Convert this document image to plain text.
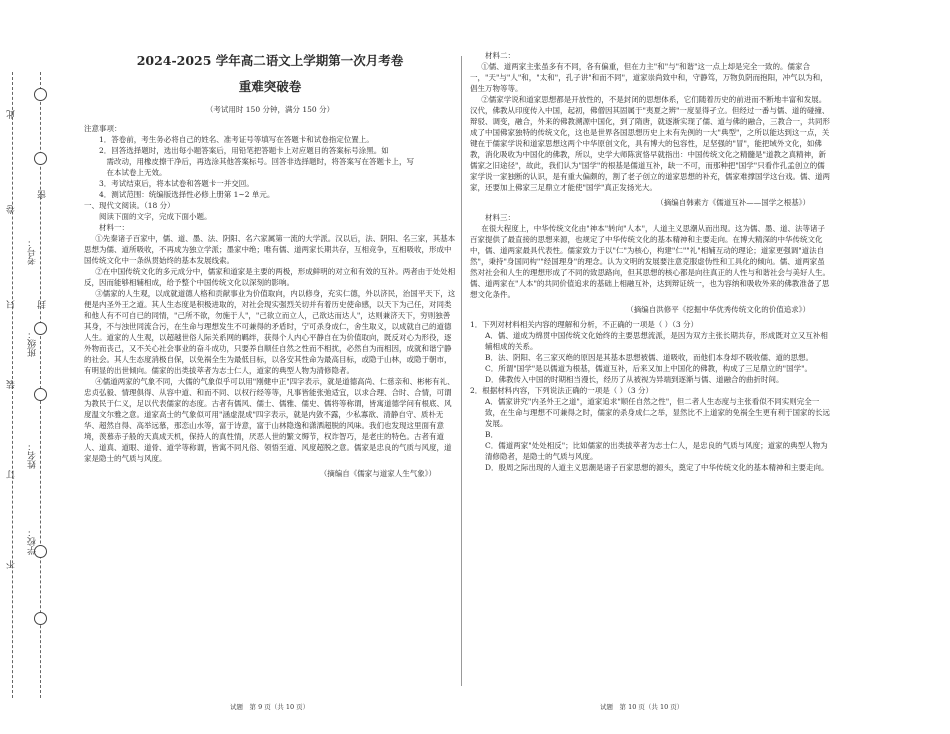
此
卷
只
装
订
不
密
封
考号：
班级：
姓名：
学校：
2024-2025 学年高二语文上学期第一次月考卷
重难突破卷
（考试用时 150 分钟，满分 150 分）

注意事项：

1．答卷前，考生务必将自己的姓名、准考证号等填写在答题卡和试卷指定位置上。

2．回答选择题时，选出每小题答案后，用铅笔把答题卡上对应题目的答案标号涂黑。如

需改动，用橡皮擦干净后，再选涂其他答案标号。回答非选择题时，将答案写在答题卡上，写

在本试卷上无效。

3．考试结束后，将本试卷和答题卡一并交回。

4．测试范围：统编版选择性必修上册第 1~2 单元。

一、现代文阅读。（18 分）

阅读下面的文字，完成下面小题。

材料一：

①先秦诸子百家中，儒、道、墨、法、阴阳、名六家属第一流的大学派。汉以后，法、阴阳、名三家，其基本思想为儒、道所吸收，不再成为独立学派；墨家中绝；唯有儒、道两家长期共存，互相竞争，互相吸收，形成中国传统文化中一条纵贯始终的基本发展线索。

②在中国传统文化的多元成分中，儒家和道家是主要的两极，形成鲜明的对立和有效的互补。两者由于处处相反，因而能够相辅相成，给予整个中国传统文化以深刻的影响。

③儒家的人生观，以成就道德人格和贡献事业为价值取向，内以修身，充实仁德，外以济民，治国平天下，这便是内圣外王之道。其人生态度是积极进取的，对社会现实强烈关切并有着历史使命感，以天下为己任，对同类和他人有不可自已的同情，"己所不欲，勿施于人"，"己欲立而立人，己欲达而达人"，达则兼济天下，穷则独善其身，不与浊世同流合污，在生命与理想发生不可兼得的矛盾时，宁可杀身成仁，舍生取义，以成就自己的道德人生。道家的人生观，以超越世俗人际关系网的羁绊，获得个人内心平静自在为价值取向，既反对心为形役，逐外物而丧己，又不关心社会事业的奋斗成功，只要养自顺任自然之性而不相扰，必然自为而相因，成就和谐宁静的社会。其人生态度消极自保，以免祸全生为最低目标，以各安其性命为最高目标，或隐于山林，或隐于朝市，有明显的出世倾向。儒家的出类拔萃者为志士仁人，道家的典型人物为清修隐者。

④儒道两家的气象不同，大儒的气象似乎可以用"刚健中正"四字表示，就是道德高尚、仁慈亲和、彬彬有礼、忠贞弘毅、情理俱得、从容中道、和而不同、以权行经等等，凡事皆能张弛适宜，以求合理、合时、合情，可谓为教民于仁义，足以代表儒家的态度。古者有儒风、儒士、儒雅、儒史、儒将等称谓，皆寓道德学问有根底、风度温文尔雅之意。道家高士的气象似可用"涵虚混成"四字表示，就是内敛不露，少私寡欲、清静自守、质朴无华、超然自得、高举远慕，那恋山水等，富于诗意，富于山林隐逸和潇洒超脱的风味。我们也发现这里面有意境，羡慕赤子般的天真成天机，保持人的真性情，厌恶人世的繁文缛节，权诈智巧，是老庄的特色。古者有道人、道真、道眼、道骨、道学等称谓，皆寓不同凡俗、领悟至道、风度超脱之意。儒家是忠良的气质与风度，道家是隐士的气质与风度。

（摘编自《儒家与道家人生气象》）

材料二：

①儒、道两家主张虽多有不同，各有偏重，但在力主"和"与"和谐"这一点上却是完全一致的。儒家合一，"天"与"人"和，"太和"，孔子讲"和而不同"，道家崇尚致中和，守静笃，万物负阴而抱阳，冲气以为和，倡生万物等等。

②儒家学说和道家思想都是开放性的，不是封闭的思想体系，它们随着历史的前进而不断地丰富和发展。汉代，佛教从印度传入中国，起初，佛僧因其固属于"夷夏之辨"一度显得孑立。但经过一番与儒、道的碰撞、辩驳、调变，融合，外来的佛教溯源中国化，到了隋唐，就逐渐实现了儒、道与佛的融合，三教合一，共同形成了中国佛家独特的传统文化，这也是世界各国思想历史上未有先例的一大"典型"，之所以能达到这一点，关键在于儒家学说和道家思想这两个中华原创文化，具有博大的包容性，足坚强的"冒"，能把域外文化，如佛教，消化吸收为中国化的佛教，所以，史学大师陈寅恪早就指出：中国传统文化之精髓是"道教之真精神，新儒家之旧途径"，故此，我们认为"国学"的根基是儒道互补，缺一不可，而那种把"国学"只看作孔孟创立的儒家学说一家独断的认识，是有重大偏颇的，割了老子创立的道家思想的补充，儒家难撑国学这台戏。儒、道两家，还要加上佛家三足鼎立才能使"国学"真正发扬光大。

（摘编自韩素方《儒道互补——国学之根基》）

材料三：

在很大程度上，中华传统文化由"神本"转向"人本"，人道主义思潮从而出现。这为儒、墨、道、法等诸子百家提供了最直接的思想来源，也规定了中华传统文化的基本精神和主要走向。在博大精深的中华传统文化中，儒、道两家最具代表性。儒家致力于以"仁"为核心，构建"仁""礼"相辅互动的理论；道家更强调"道法自然"，秉持"身国同构""经国理身"的理念。认为文明的发展要注意克服虚伪性和工具化的倾向。儒、道两家虽然对社会和人生的理想形成了不同的致思路向，但其思想的核心都是向往真正的人性与和谐社会与美好人生。儒、道两家在"人本"的共同价值追求的基础上相融互补，达到辩证统一，也为容纳和吸收外来的佛教准备了思想文化条件。

（摘编自洪修平《挖掘中华优秀传统文化的价值追求》）

1．下列对材料相关内容的理解和分析，不正确的一项是（ ）（3 分）

A．儒、道成为绵贯中国传统文化始终的主要思想流派，是因为双方主张长期共存，形成既对立又互补相辅相成的关系。

B．法、阴阳、名三家灭绝的原因是其基本思想被儒、道吸收，而他们本身却不吸收儒、道的思想。

C．所谓"国学"是以儒道为根基，儒道互补，后来又加上中国化的佛教，构成了三足鼎立的"国学"。

D．佛教传入中国的时期相当漫长，经历了从被视为异端到逐渐与儒、道融合的曲折时间。

2．根据材料内容，下列说法正确的一项是（ ）（3 分）

A．儒家讲究"内圣外王之道"，道家追求"顺任自然之性"，但二者人生态度与主张看似不同实则完全一致，在生命与理想不可兼得之时，儒家的杀身成仁之举，显然比不上道家的免祸全生更有利于国家的长远发展。

B．

C．儒道两家"处处相反"；比如儒家的出类拔萃者为志士仁人，是忠良的气质与风度；道家的典型人物为清修隐者，是隐士的气质与风度。

D．殷周之际出现的人道主义思潮是诸子百家思想的源头，奠定了中华传统文化的基本精神和主要走向。

试题　第 9 页（共 10 页）	试题　第 10 页（共 10 页）
